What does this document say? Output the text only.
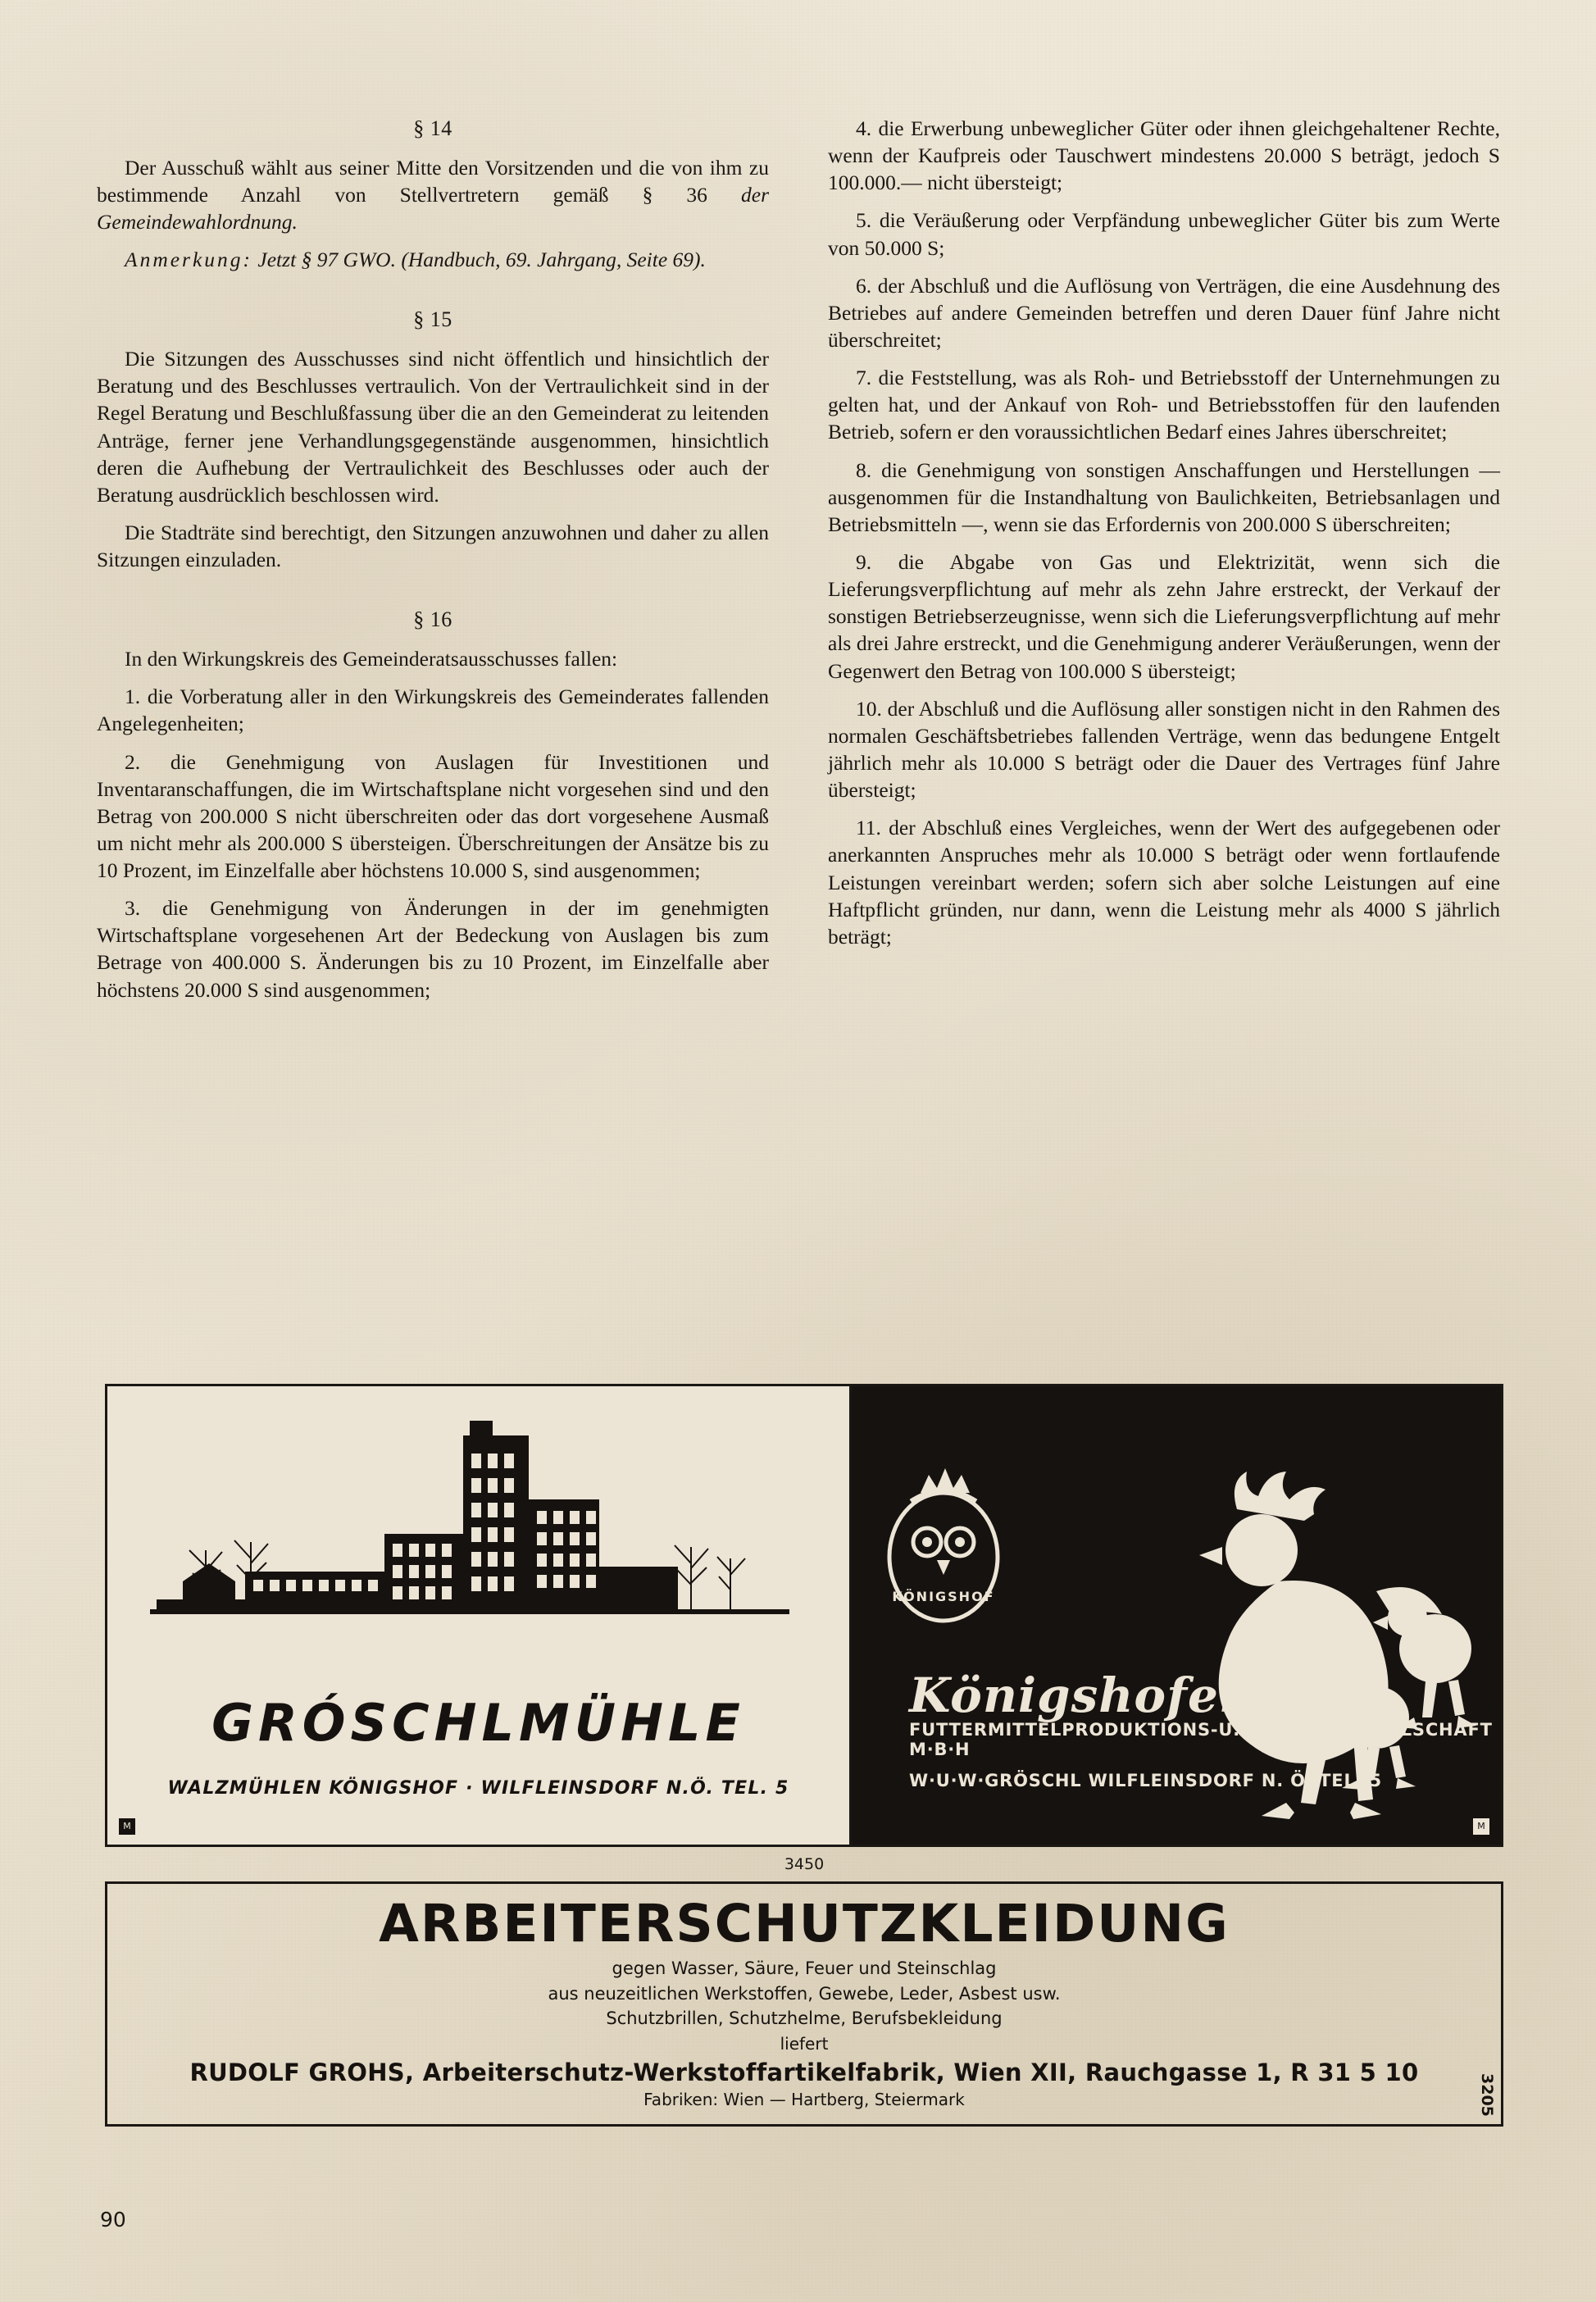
§ 14

Der Ausschuß wählt aus seiner Mitte den Vorsitzenden und die von ihm zu bestimmende Anzahl von Stellvertretern gemäß § 36 der Gemeindewahlordnung.

Anmerkung: Jetzt § 97 GWO. (Handbuch, 69. Jahrgang, Seite 69).

§ 15

Die Sitzungen des Ausschusses sind nicht öffentlich und hinsichtlich der Beratung und des Beschlusses vertraulich. Von der Vertraulichkeit sind in der Regel Beratung und Beschlußfassung über die an den Gemeinderat zu leitenden Anträge, ferner jene Verhandlungsgegenstände ausgenommen, hinsichtlich deren die Aufhebung der Vertraulichkeit des Beschlusses oder auch der Beratung ausdrücklich beschlossen wird.

Die Stadträte sind berechtigt, den Sitzungen anzuwohnen und daher zu allen Sitzungen einzuladen.

§ 16

In den Wirkungskreis des Gemeinderatsausschusses fallen:

1. die Vorberatung aller in den Wirkungskreis des Gemeinderates fallenden Angelegenheiten;

2. die Genehmigung von Auslagen für Investitionen und Inventaranschaffungen, die im Wirtschaftsplane nicht vorgesehen sind und den Betrag von 200.000 S nicht überschreiten oder das dort vorgesehene Ausmaß um nicht mehr als 200.000 S übersteigen. Überschreitungen der Ansätze bis zu 10 Prozent, im Einzelfalle aber höchstens 10.000 S, sind ausgenommen;

3. die Genehmigung von Änderungen in der im genehmigten Wirtschaftsplane vorgesehenen Art der Bedeckung von Auslagen bis zum Betrage von 400.000 S. Änderungen bis zu 10 Prozent, im Einzelfalle aber höchstens 20.000 S sind ausgenommen;

4. die Erwerbung unbeweglicher Güter oder ihnen gleichgehaltener Rechte, wenn der Kaufpreis oder Tauschwert mindestens 20.000 S beträgt, jedoch S 100.000.— nicht übersteigt;

5. die Veräußerung oder Verpfändung unbeweglicher Güter bis zum Werte von 50.000 S;

6. der Abschluß und die Auflösung von Verträgen, die eine Ausdehnung des Betriebes auf andere Gemeinden betreffen und deren Dauer fünf Jahre nicht überschreitet;

7. die Feststellung, was als Roh- und Betriebsstoff der Unternehmungen zu gelten hat, und der Ankauf von Roh- und Betriebsstoffen für den laufenden Betrieb, sofern er den voraussichtlichen Bedarf eines Jahres überschreitet;

8. die Genehmigung von sonstigen Anschaffungen und Herstellungen — ausgenommen für die Instandhaltung von Baulichkeiten, Betriebsanlagen und Betriebsmitteln —, wenn sie das Erfordernis von 200.000 S überschreiten;

9. die Abgabe von Gas und Elektrizität, wenn sich die Lieferungsverpflichtung auf mehr als zehn Jahre erstreckt, der Verkauf der sonstigen Betriebserzeugnisse, wenn sich die Lieferungsverpflichtung auf mehr als drei Jahre erstreckt, und die Genehmigung anderer Veräußerungen, wenn der Gegenwert den Betrag von 100.000 S übersteigt;

10. der Abschluß und die Auflösung aller sonstigen nicht in den Rahmen des normalen Geschäftsbetriebes fallenden Verträge, wenn das bedungene Entgelt jährlich mehr als 10.000 S beträgt oder die Dauer des Vertrages fünf Jahre übersteigt;

11. der Abschluß eines Vergleiches, wenn der Wert des aufgegebenen oder anerkannten Anspruches mehr als 10.000 S beträgt oder wenn fortlaufende Leistungen vereinbart werden; sofern sich aber solche Leistungen auf eine Haftpflicht gründen, nur dann, wenn die Leistung mehr als 4000 S jährlich beträgt;

GRÓSCHLMÜHLE
WALZMÜHLEN KÖNIGSHOF · WILFLEINSDORF N.Ö. TEL. 5
M
KÖNIGSHOF
Königshofer
FUTTERMITTELPRODUKTIONS-U.HANDELSGESELLSCHAFT M·B·H
W·U·W·GRÖSCHL WILFLEINSDORF N. Ö. TEL. 5
M
3450
ARBEITERSCHUTZKLEIDUNG
gegen Wasser, Säure, Feuer und Steinschlag
aus neuzeitlichen Werkstoffen, Gewebe, Leder, Asbest usw.
Schutzbrillen, Schutzhelme, Berufsbekleidung
liefert
RUDOLF GROHS, Arbeiterschutz-Werkstoffartikelfabrik, Wien XII, Rauchgasse 1, R 31 5 10
Fabriken: Wien — Hartberg, Steiermark	3205
90
